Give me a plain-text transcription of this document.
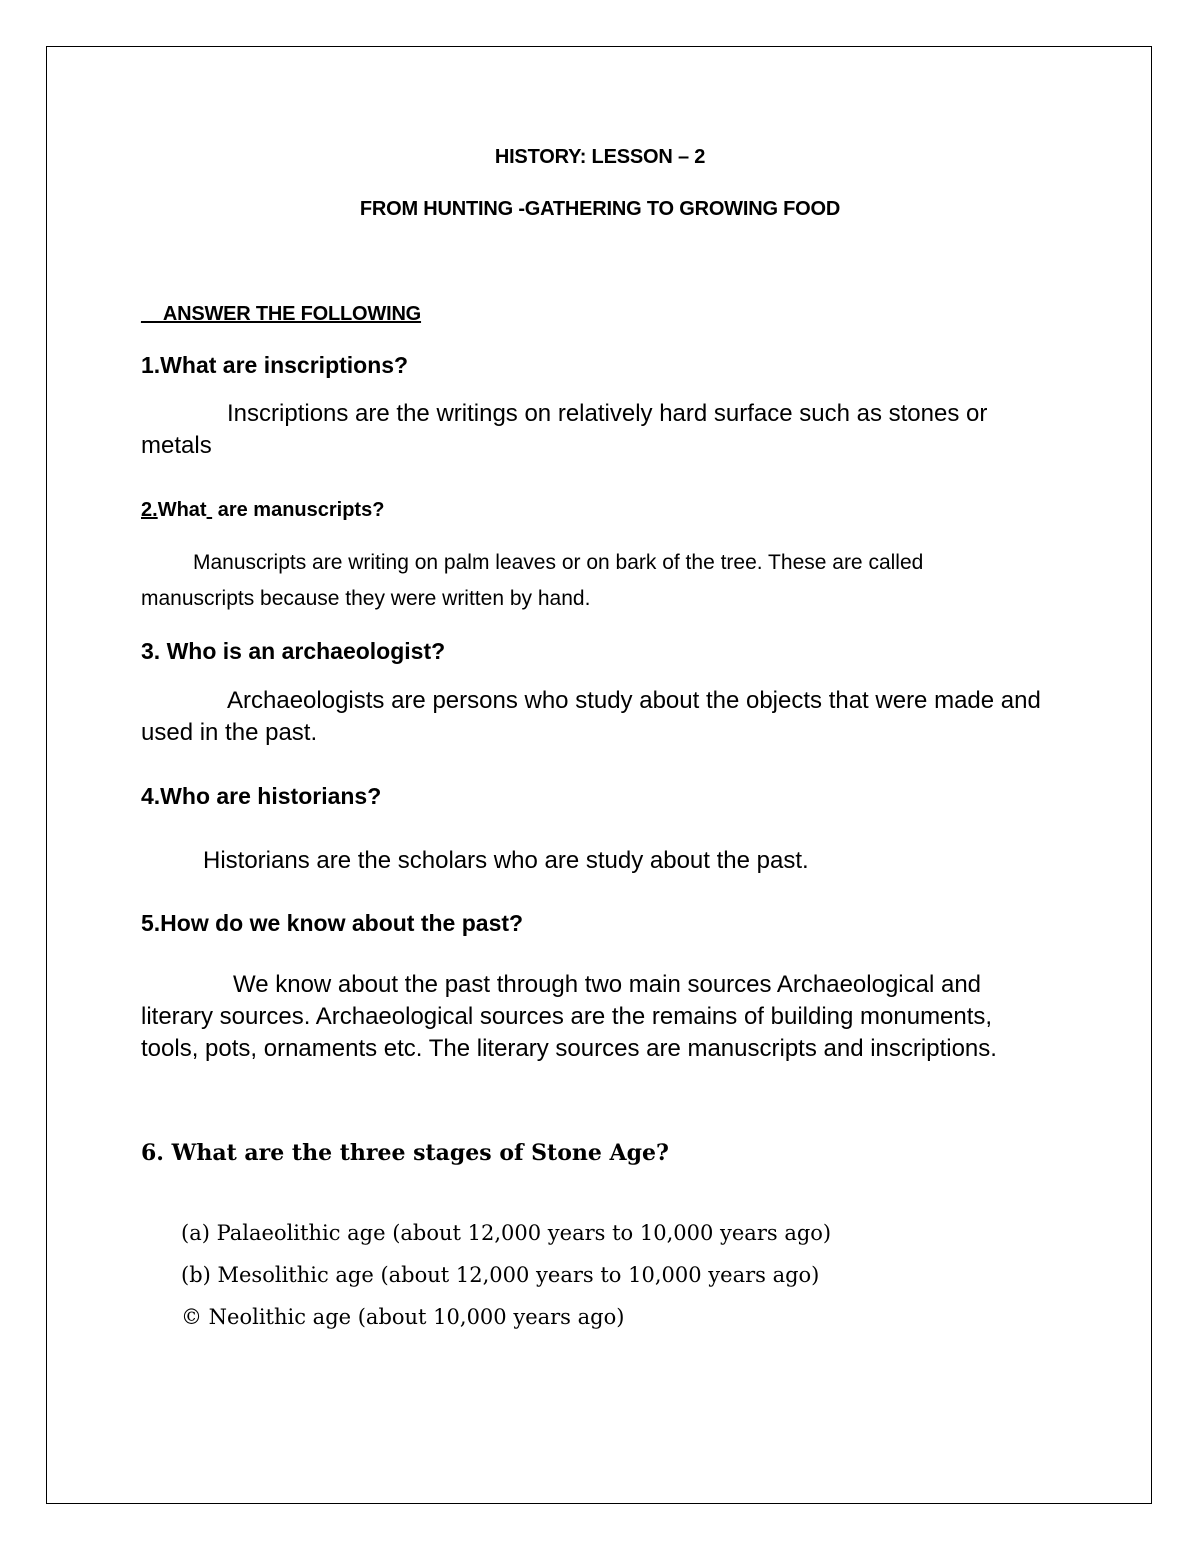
HISTORY: LESSON – 2

FROM HUNTING -GATHERING TO GROWING FOOD

__ANSWER THE FOLLOWING

1.What are inscriptions?

Inscriptions are the writings on relatively hard surface such as stones or metals

2.What  are manuscripts?

Manuscripts are writing on palm leaves or on bark of the tree. These are called manuscripts because they were written by hand.

3. Who is an archaeologist?

Archaeologists are persons who study about the objects that were made and used in the past.

4.Who are historians?

Historians are the scholars who are study about the past.

5.How do we know about the past?

We know about the past through two main sources Archaeological and literary sources. Archaeological sources are the remains of building monuments, tools, pots, ornaments etc. The literary sources are manuscripts and inscriptions.

6. What are the three stages of Stone Age?

(a) Palaeolithic age (about 12,000 years to 10,000 years ago)

(b) Mesolithic age (about 12,000 years to 10,000 years ago)

© Neolithic age (about 10,000 years ago)
